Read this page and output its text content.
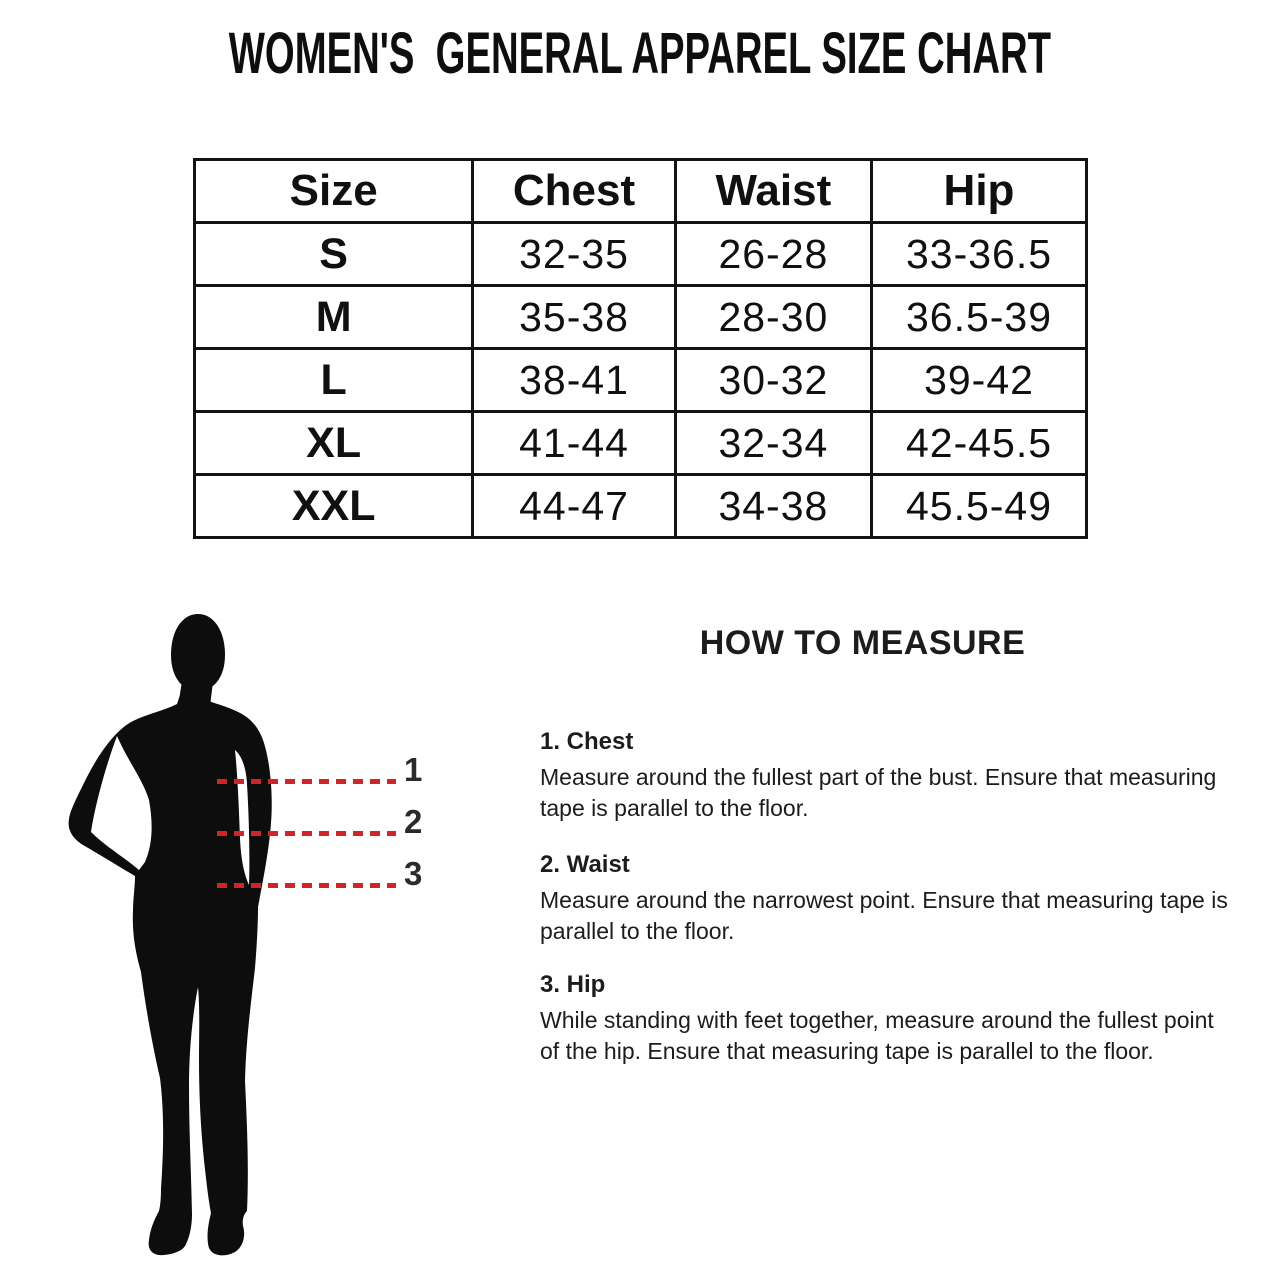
WOMEN'S  GENERAL APPAREL SIZE CHART
Size	Chest	Waist	Hip
S	32-35	26-28	33-36.5
M	35-38	28-30	36.5-39
L	38-41	30-32	39-42
XL	41-44	32-34	42-45.5
XXL	44-47	34-38	45.5-49
1
2
3
HOW TO MEASURE
1. Chest

Measure around the fullest part of the bust. Ensure that measuring tape is parallel to the floor.

2. Waist

Measure around the narrowest point. Ensure that measuring tape is parallel to the floor.

3. Hip

While standing with feet together, measure around the fullest point of the hip. Ensure that measuring tape is parallel to the floor.
